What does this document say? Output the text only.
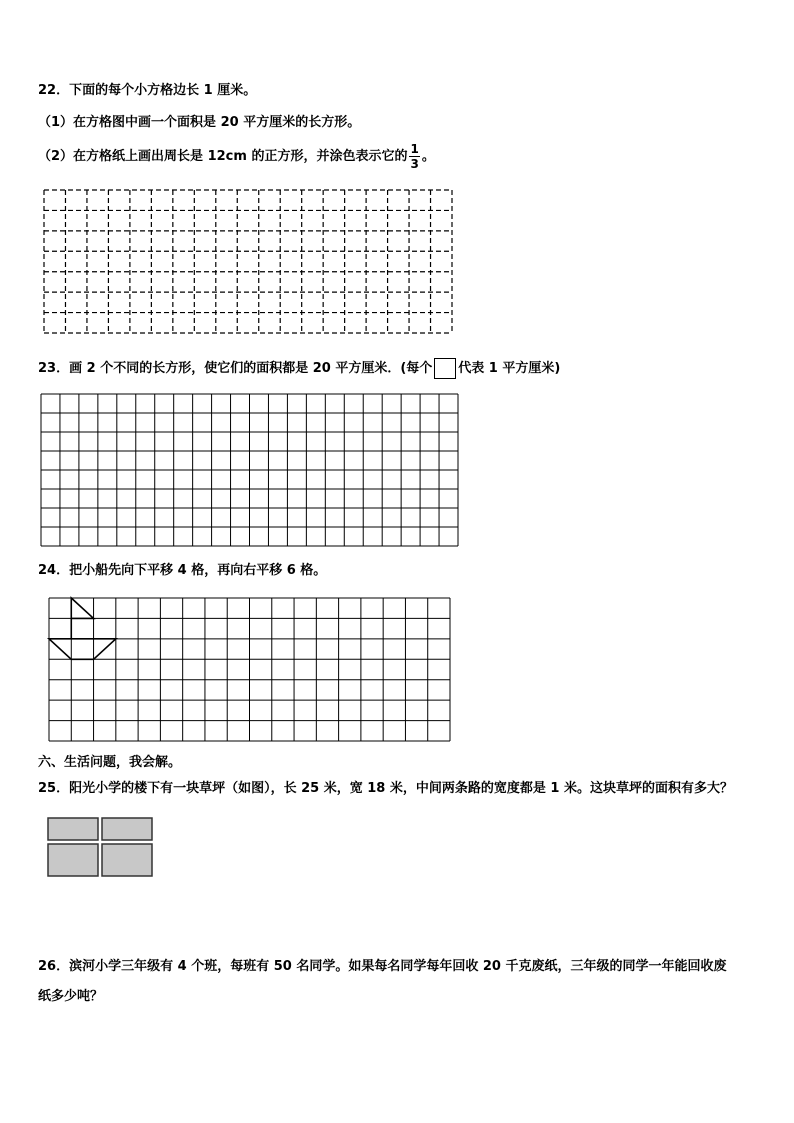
22．下面的每个小方格边长 1 厘米。
（1）在方格图中画一个面积是 20 平方厘米的长方形。
（2）在方格纸上画出周长是 12cm 的正方形，并涂色表示它的 $\frac{1}{3}$ 。
23．画 2 个不同的长方形，使它们的面积都是 20 平方厘米．(每个 代表 1 平方厘米)
24．把小船先向下平移 4 格，再向右平移 6 格。
六、生活问题，我会解。
25．阳光小学的楼下有一块草坪（如图），长 25 米，宽 18 米，中间两条路的宽度都是 1 米。这块草坪的面积有多大？
26．滨河小学三年级有 4 个班，每班有 50 名同学。如果每名同学每年回收 20 千克废纸，三年级的同学一年能回收废
纸多少吨？
